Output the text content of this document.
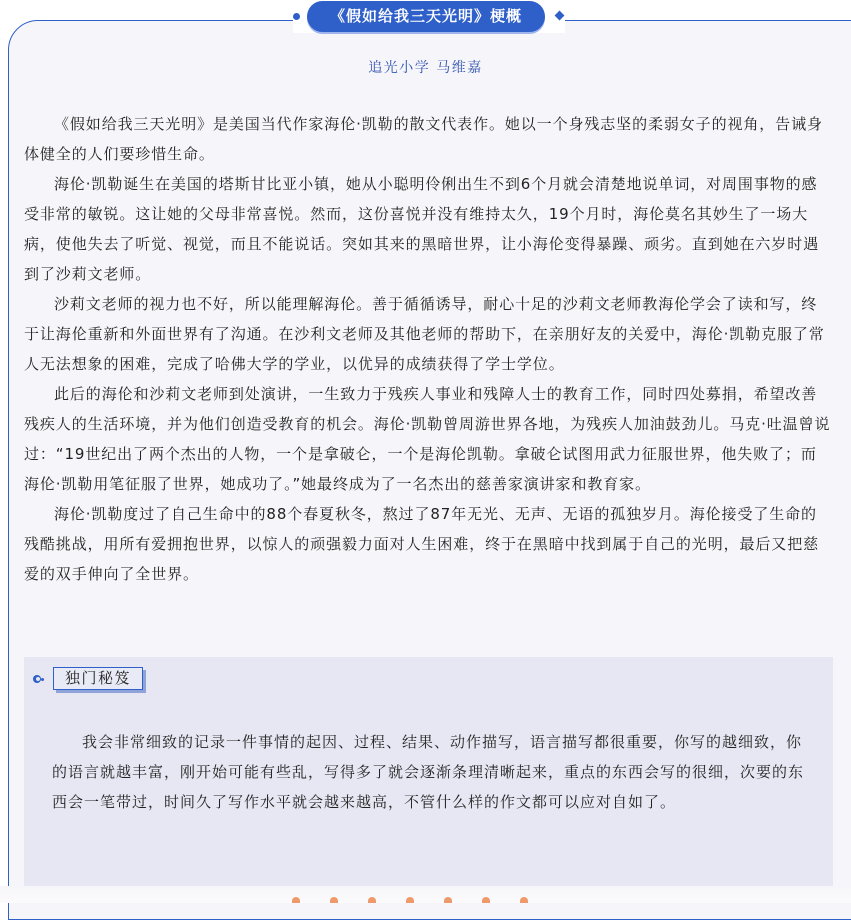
《假如给我三天光明》梗概
追光小学 马维嘉

《假如给我三天光明》是美国当代作家海伦·凯勒的散文代表作。她以一个身残志坚的柔弱女子的视角，告诫身体健全的人们要珍惜生命。

海伦·凯勒诞生在美国的塔斯甘比亚小镇，她从小聪明伶俐出生不到6个月就会清楚地说单词，对周围事物的感受非常的敏锐。这让她的父母非常喜悦。然而，这份喜悦并没有维持太久，19个月时，海伦莫名其妙生了一场大病，使他失去了听觉、视觉，而且不能说话。突如其来的黑暗世界，让小海伦变得暴躁、顽劣。直到她在六岁时遇到了沙莉文老师。

沙莉文老师的视力也不好，所以能理解海伦。善于循循诱导，耐心十足的沙莉文老师教海伦学会了读和写，终于让海伦重新和外面世界有了沟通。在沙利文老师及其他老师的帮助下，在亲朋好友的关爱中，海伦·凯勒克服了常人无法想象的困难，完成了哈佛大学的学业，以优异的成绩获得了学士学位。

此后的海伦和沙莉文老师到处演讲，一生致力于残疾人事业和残障人士的教育工作，同时四处募捐，希望改善残疾人的生活环境，并为他们创造受教育的机会。海伦·凯勒曾周游世界各地，为残疾人加油鼓劲儿。马克·吐温曾说过：“19世纪出了两个杰出的人物，一个是拿破仑，一个是海伦凯勒。拿破仑试图用武力征服世界，他失败了；而海伦·凯勒用笔征服了世界，她成功了。”她最终成为了一名杰出的慈善家演讲家和教育家。

海伦·凯勒度过了自己生命中的88个春夏秋冬，熬过了87年无光、无声、无语的孤独岁月。海伦接受了生命的残酷挑战，用所有爱拥抱世界，以惊人的顽强毅力面对人生困难，终于在黑暗中找到属于自己的光明，最后又把慈爱的双手伸向了全世界。

独门秘笈

我会非常细致的记录一件事情的起因、过程、结果、动作描写，语言描写都很重要，你写的越细致，你的语言就越丰富，刚开始可能有些乱，写得多了就会逐渐条理清晰起来，重点的东西会写的很细，次要的东西会一笔带过，时间久了写作水平就会越来越高，不管什么样的作文都可以应对自如了。
